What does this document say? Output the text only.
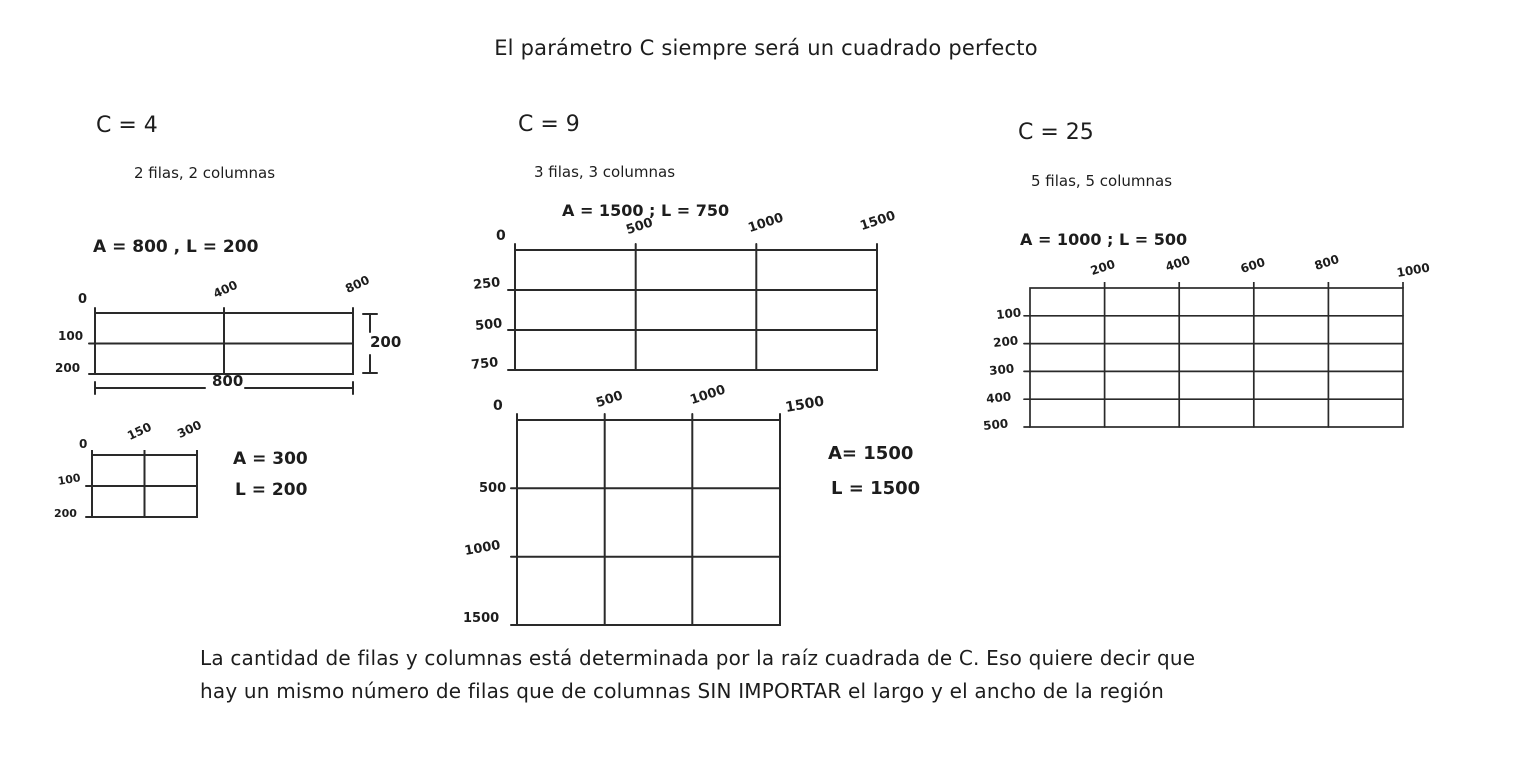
El parámetro C siempre será un cuadrado perfecto
C = 4
2 filas, 2 columnas
A = 800 , L = 200
0	400	800
100
200
200
800
0
150 300
100
200
A = 300
L = 200
C = 9
3 filas, 3 columnas
A = 1500 ; L = 750
0	500	1000	1500
250
500
750
0	500	1000	1500
500
1000
1500
A= 1500
L = 1500
C = 25
5 filas, 5 columnas
A = 1000 ; L = 500
200	400	600	800	1000
100
200
300
400
500
La cantidad de filas y columnas está determinada por la raíz cuadrada de C. Eso quiere decir que
hay un mismo número de filas que de columnas SIN IMPORTAR el largo y el ancho de la región
